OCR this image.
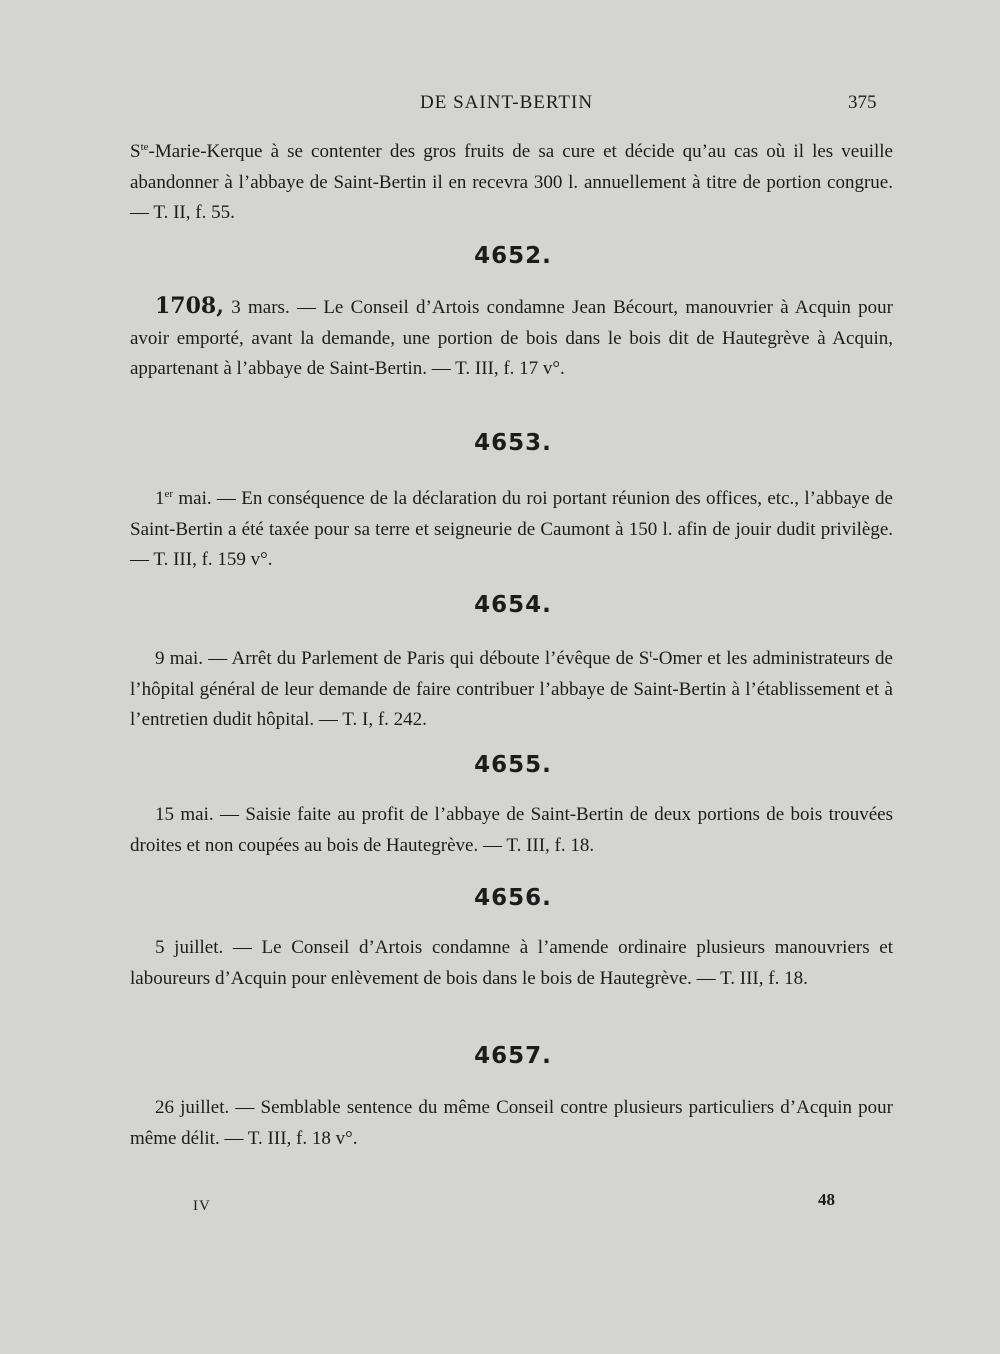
DE SAINT-BERTIN	375
$S^{te}-Marie$-Kerque à se contenter des gros fruits de sa cure et décide qu’au cas où il les veuille abandonner à l’abbaye de Saint-Bertin il en recevra 300 l. annuellement à titre de portion congrue. — T. II, f. 55.
4652.
1708, 3 mars. — Le Conseil d’Artois condamne Jean Bécourt, manouvrier à Acquin pour avoir emporté, avant la demande, une portion de bois dans le bois dit de Hautegrève à Acquin, appartenant à l’abbaye de Saint-Bertin. — T. III, f. 17 v°.
4653.
1er mai. — En conséquence de la déclaration du roi portant réunion des offices, etc., l’abbaye de Saint-Bertin a été taxée pour sa terre et seigneurie de Caumont à 150 l. afin de jouir dudit privilège. — T. III, f. 159 v°.
4654.
9 mai. — Arrêt du Parlement de Paris qui déboute l’évêque de $S^t$-Omer et les administrateurs de l’hôpital général de leur demande de faire contribuer l’abbaye de Saint-Bertin à l’établissement et à l’entretien dudit hôpital. — T. I, f. 242.
4655.
15 mai. — Saisie faite au profit de l’abbaye de Saint-Bertin de deux portions de bois trouvées droites et non coupées au bois de Hautegrève. — T. III, f. 18.
4656.
5 juillet. — Le Conseil d’Artois condamne à l’amende ordinaire plusieurs manouvriers et laboureurs d’Acquin pour enlèvement de bois dans le bois de Hautegrève. — T. III, f. 18.
4657.
26 juillet. — Semblable sentence du même Conseil contre plusieurs particuliers d’Acquin pour même délit. — T. III, f. 18 v°.
IV	48
